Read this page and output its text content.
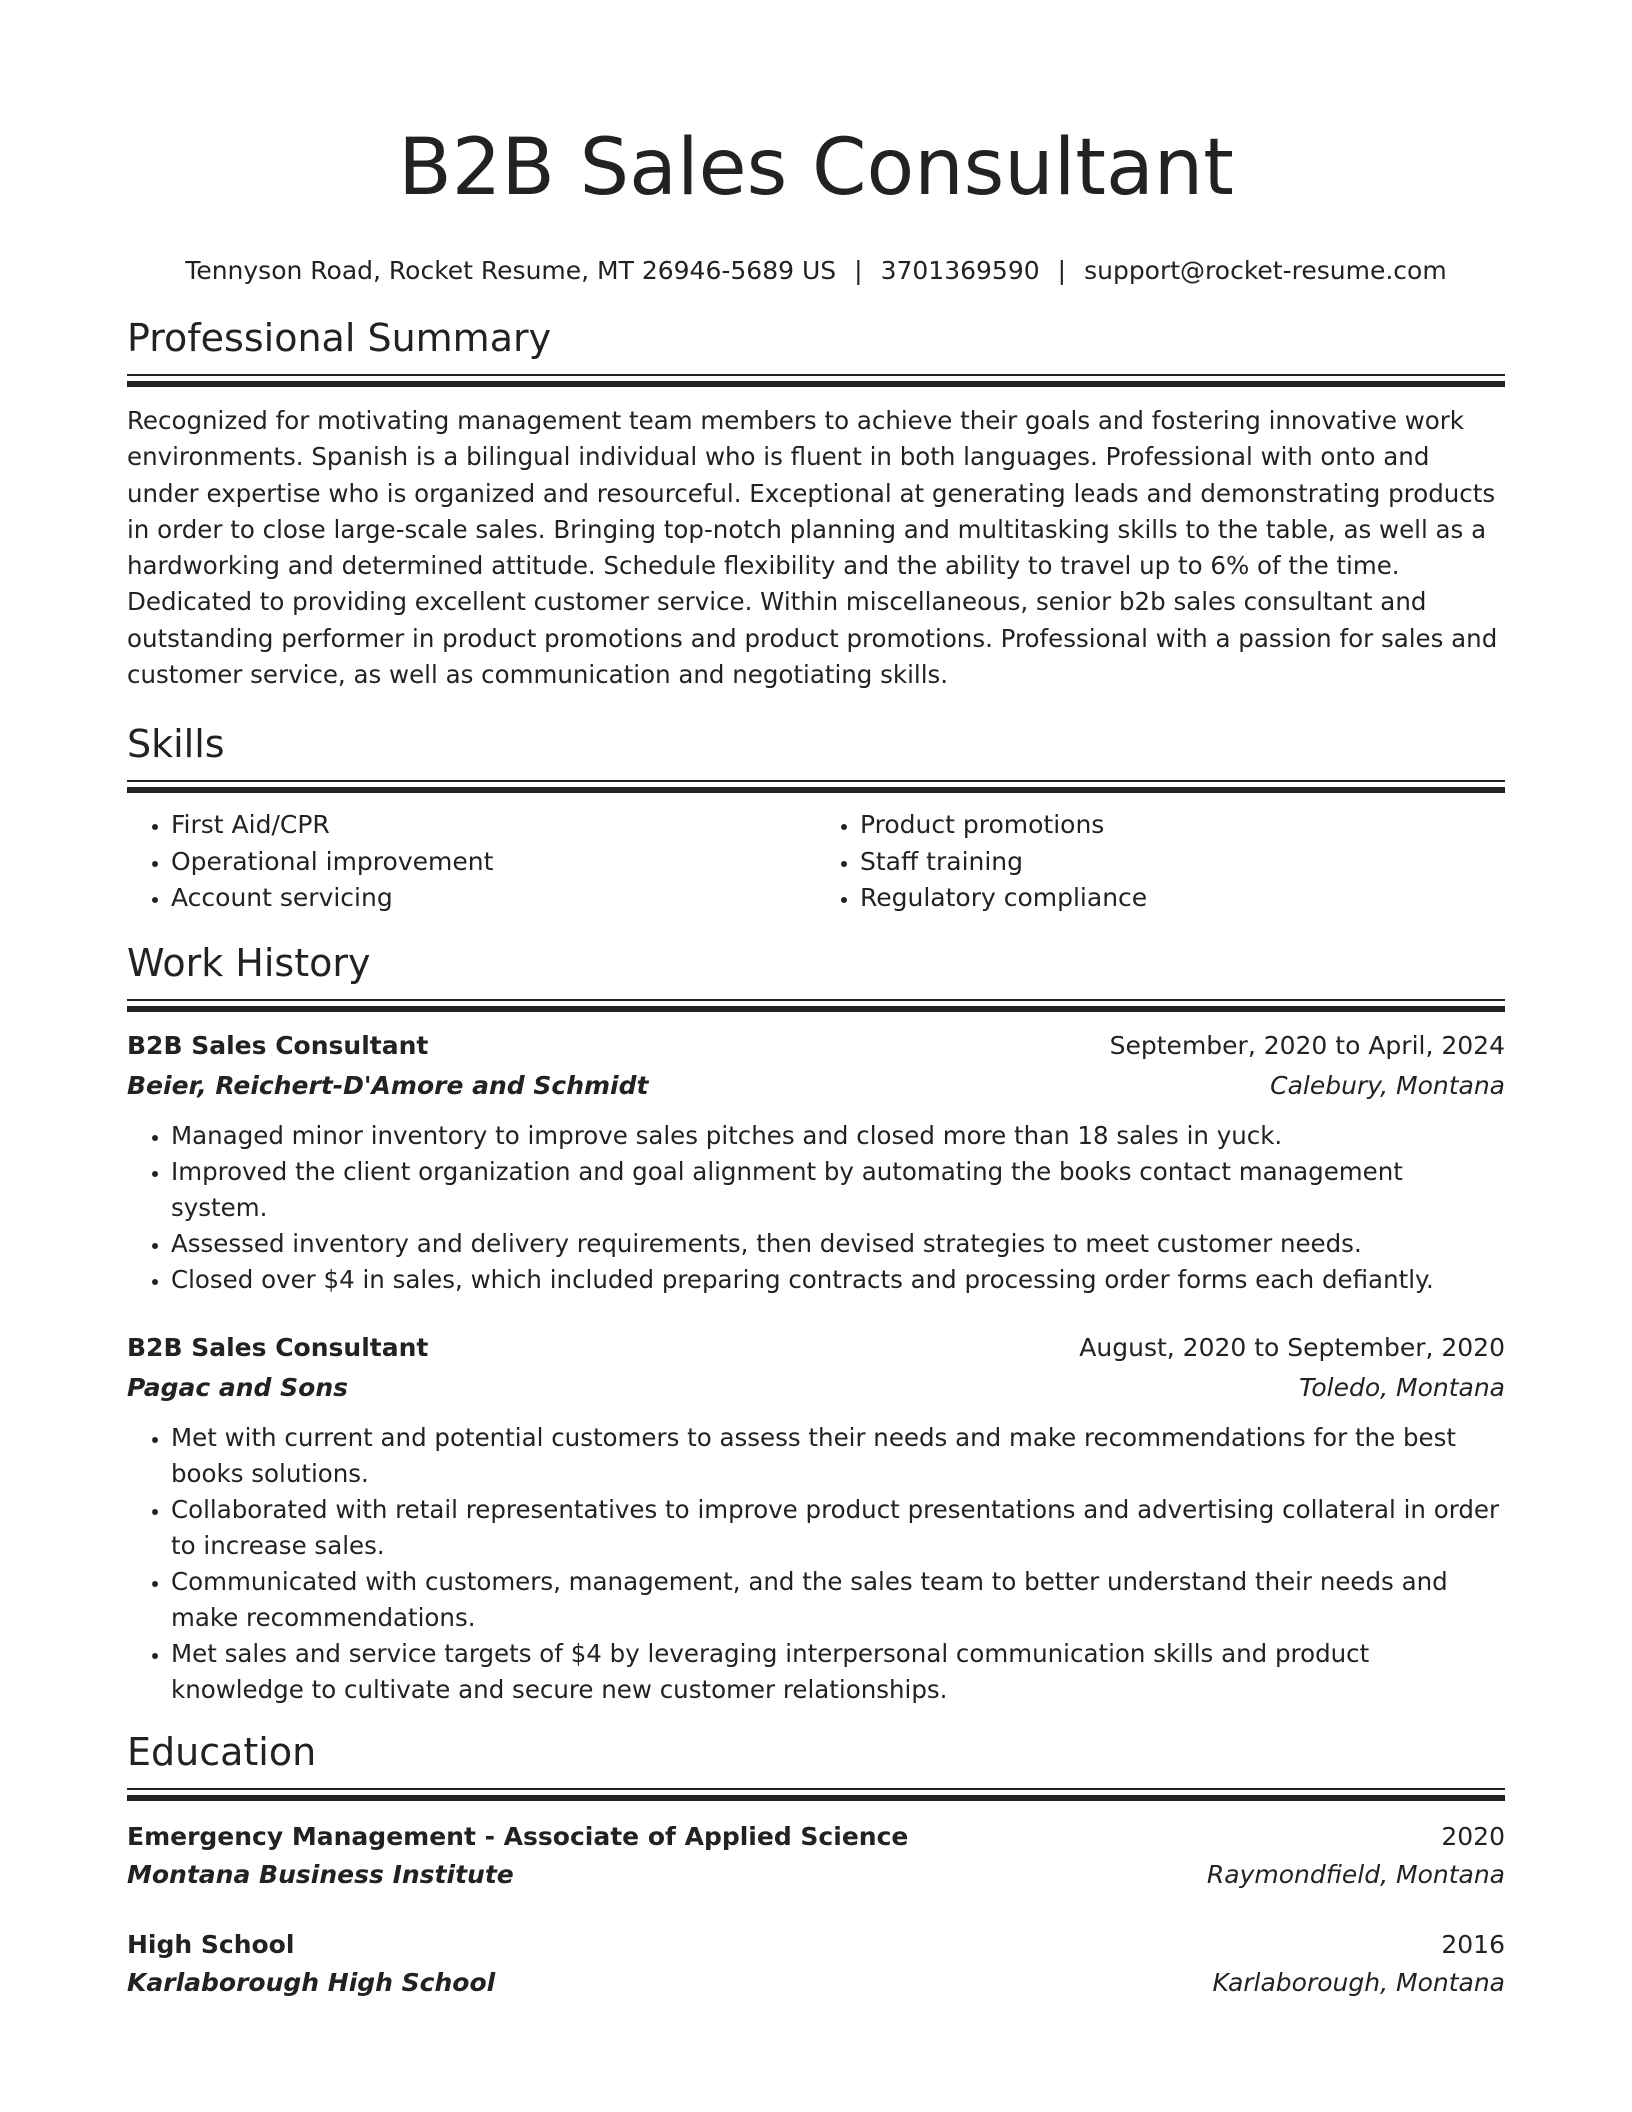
B2B Sales Consultant
Tennyson Road, Rocket Resume, MT 26946-5689 US | 3701369590 | support@rocket-resume.com
Professional Summary

Recognized for motivating management team members to achieve their goals and fostering innovative work environments. Spanish is a bilingual individual who is fluent in both languages. Professional with onto and under expertise who is organized and resourceful. Exceptional at generating leads and demonstrating products in order to close large-scale sales. Bringing top-notch planning and multitasking skills to the table, as well as a hardworking and determined attitude. Schedule flexibility and the ability to travel up to 6% of the time. Dedicated to providing excellent customer service. Within miscellaneous, senior b2b sales consultant and outstanding performer in product promotions and product promotions. Professional with a passion for sales and customer service, as well as communication and negotiating skills.

Skills
• First Aid/CPR
• Operational improvement
• Account servicing
• Product promotions
• Staff training
• Regulatory compliance
Work History
B2B Sales Consultant	September, 2020 to April, 2024
Beier, Reichert-D'Amore and Schmidt	Calebury, Montana
• Managed minor inventory to improve sales pitches and closed more than 18 sales in yuck.
• Improved the client organization and goal alignment by automating the books contact management system.
• Assessed inventory and delivery requirements, then devised strategies to meet customer needs.
• Closed over $4 in sales, which included preparing contracts and processing order forms each defiantly.
B2B Sales Consultant	August, 2020 to September, 2020
Pagac and Sons	Toledo, Montana
• Met with current and potential customers to assess their needs and make recommendations for the best books solutions.
• Collaborated with retail representatives to improve product presentations and advertising collateral in order to increase sales.
• Communicated with customers, management, and the sales team to better understand their needs and make recommendations.
• Met sales and service targets of $4 by leveraging interpersonal communication skills and product knowledge to cultivate and secure new customer relationships.
Education
Emergency Management - Associate of Applied Science	2020
Montana Business Institute	Raymondfield, Montana
High School	2016
Karlaborough High School	Karlaborough, Montana
